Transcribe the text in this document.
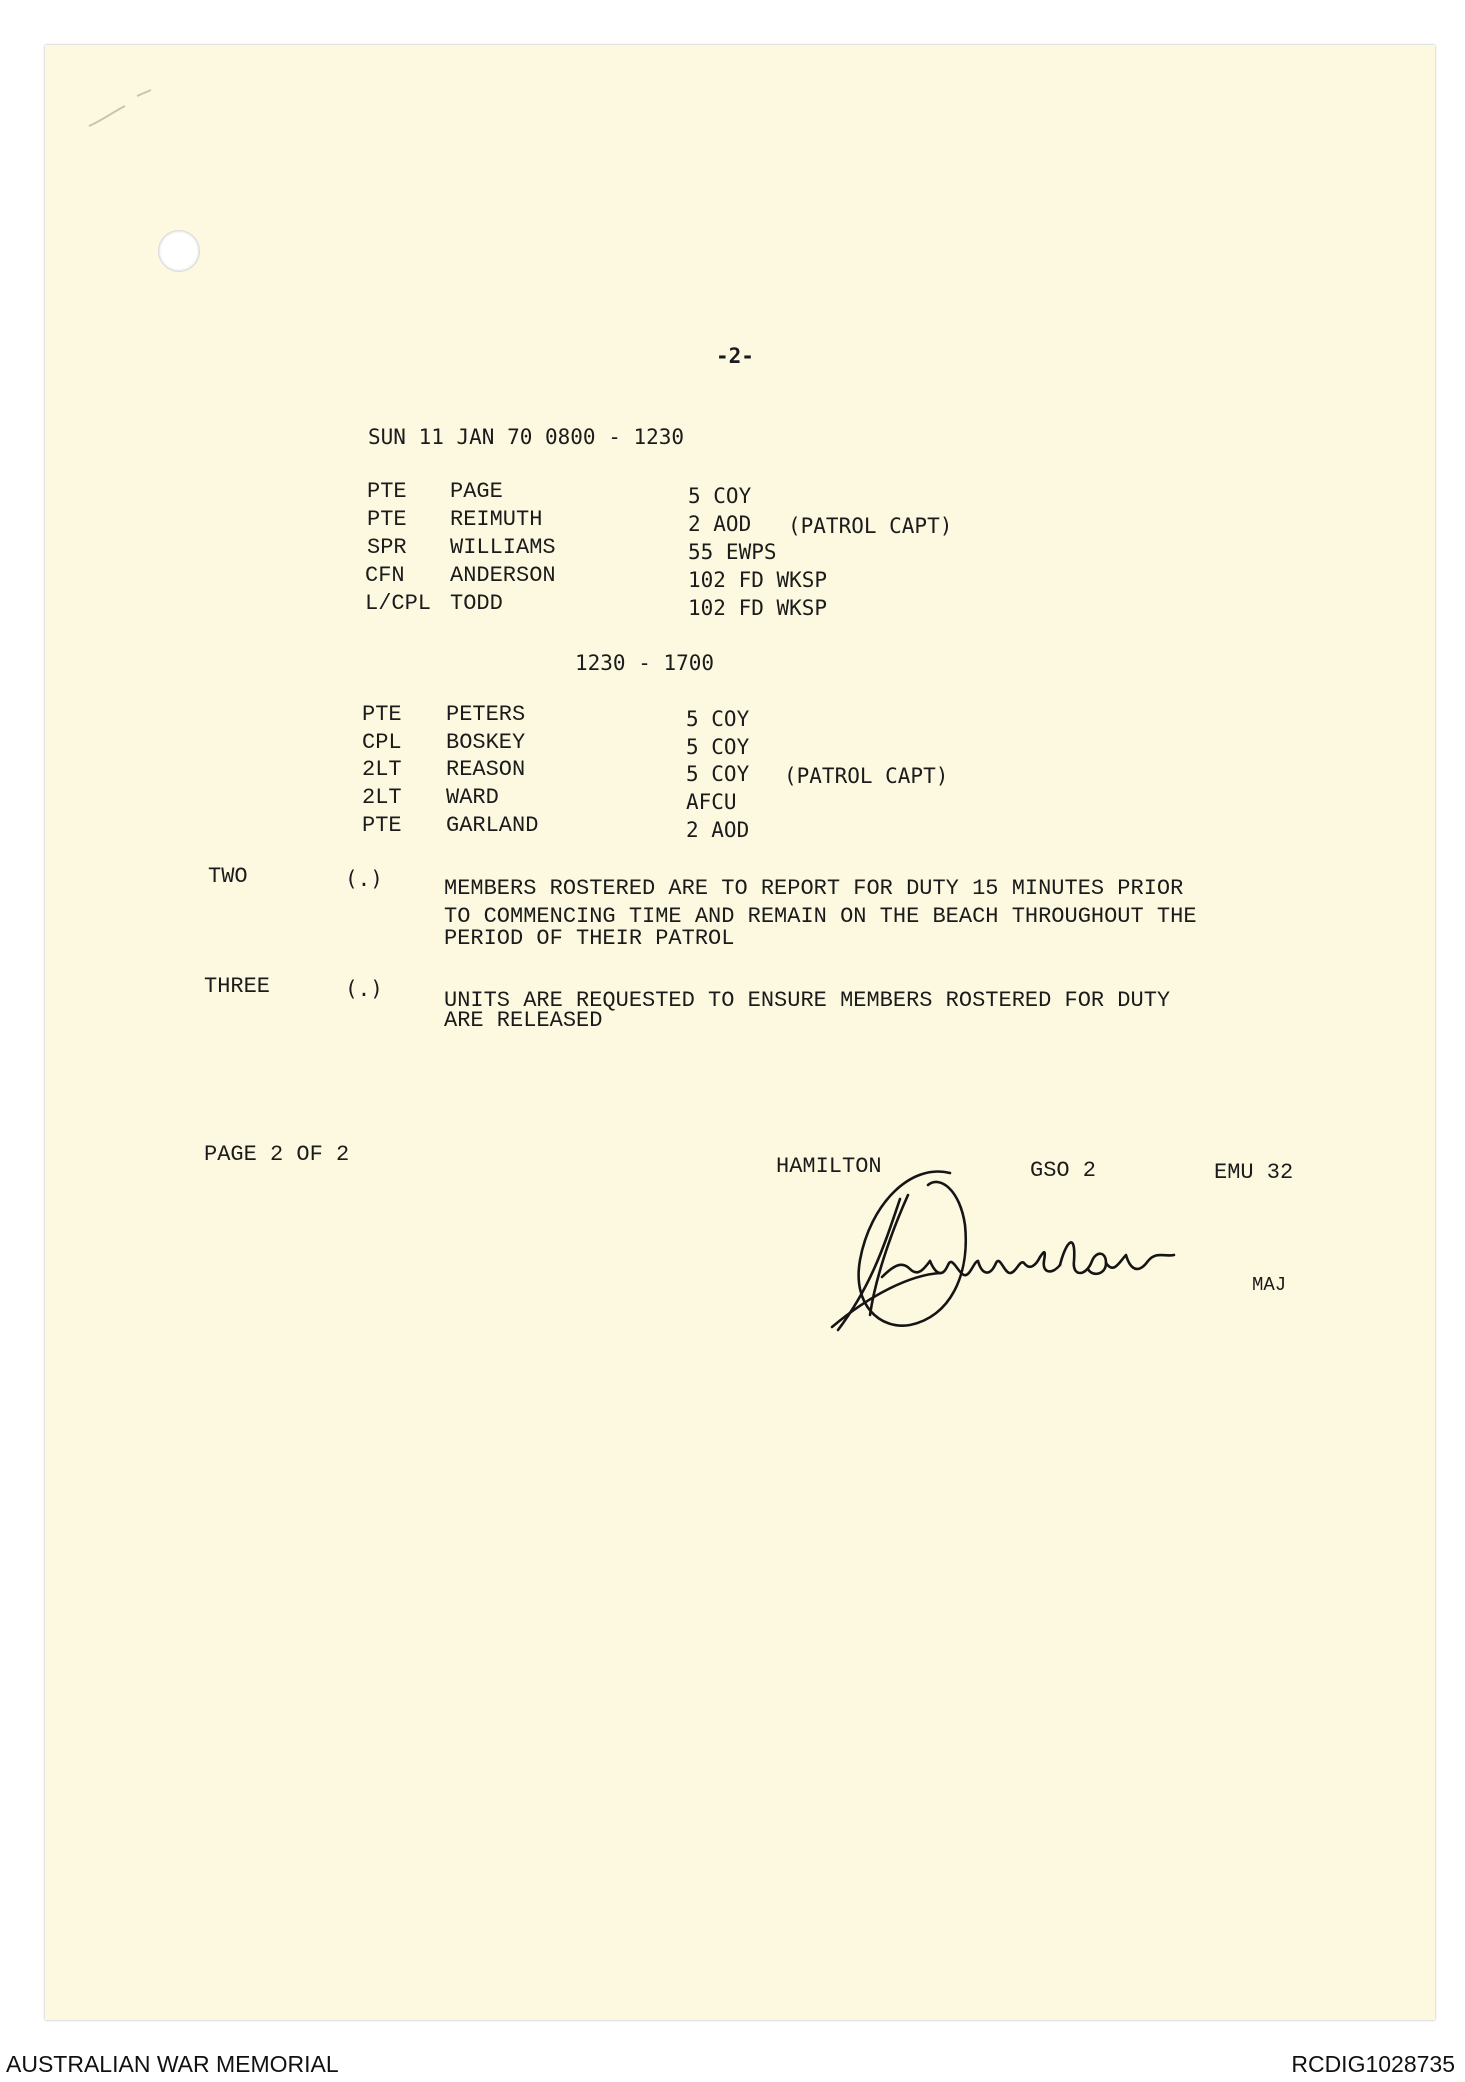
-2-
SUN 11 JAN 70 0800 - 1230
PTE PAGE	5 COY
PTE REIMUTH	2 AOD (PATROL CAPT)
SPR WILLIAMS	55 EWPS
CFN ANDERSON	102 FD WKSP
L/CPL TODD	102 FD WKSP
1230 - 1700
PTE PETERS	5 COY
CPL BOSKEY	5 COY
2LT REASON	5 COY (PATROL CAPT)
2LT WARD	AFCU
PTE GARLAND	2 AOD
TWO	(.)	MEMBERS ROSTERED ARE TO REPORT FOR DUTY 15 MINUTES PRIOR
TO COMMENCING TIME AND REMAIN ON THE BEACH THROUGHOUT THE
PERIOD OF THEIR PATROL
THREE	(.)	UNITS ARE REQUESTED TO ENSURE MEMBERS ROSTERED FOR DUTY
ARE RELEASED
PAGE 2 OF 2	HAMILTON	GSO 2	EMU 32
MAJ
AUSTRALIAN WAR MEMORIAL	RCDIG1028735
